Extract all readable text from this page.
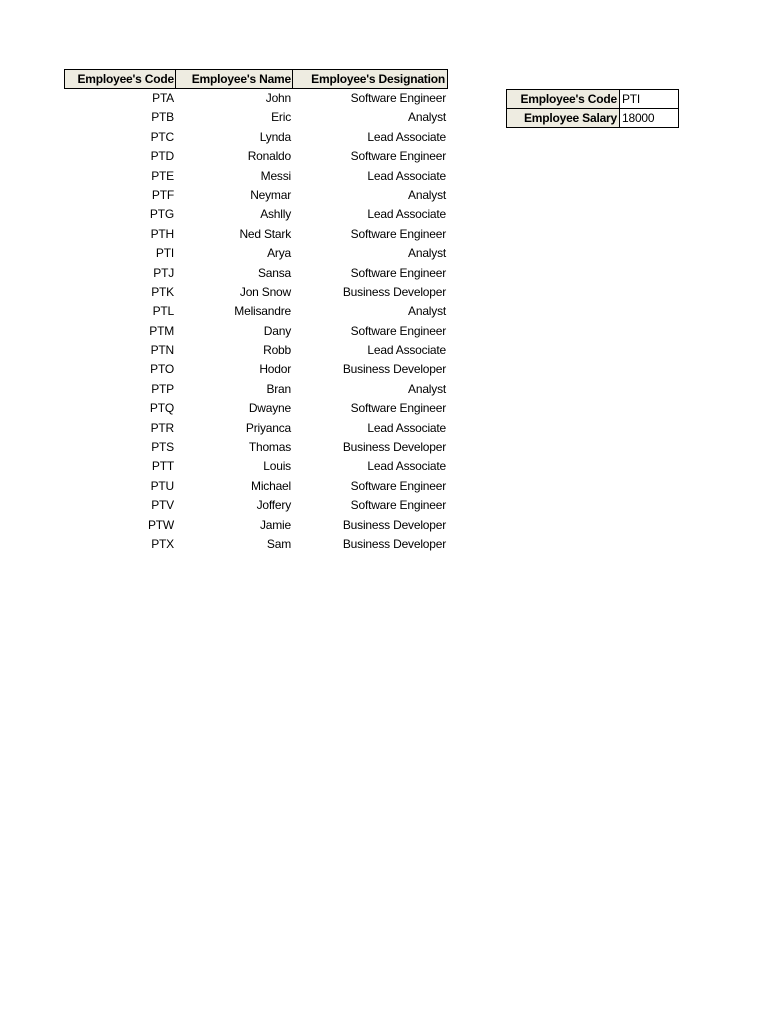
Employee's Code	Employee's Name	Employee's Designation
PTA	John	Software Engineer
PTB	Eric	Analyst
PTC	Lynda	Lead Associate
PTD	Ronaldo	Software Engineer
PTE	Messi	Lead Associate
PTF	Neymar	Analyst
PTG	Ashlly	Lead Associate
PTH	Ned Stark	Software Engineer
PTI	Arya	Analyst
PTJ	Sansa	Software Engineer
PTK	Jon Snow	Business Developer
PTL	Melisandre	Analyst
PTM	Dany	Software Engineer
PTN	Robb	Lead Associate
PTO	Hodor	Business Developer
PTP	Bran	Analyst
PTQ	Dwayne	Software Engineer
PTR	Priyanca	Lead Associate
PTS	Thomas	Business Developer
PTT	Louis	Lead Associate
PTU	Michael	Software Engineer
PTV	Joffery	Software Engineer
PTW	Jamie	Business Developer
PTX	Sam	Business Developer
Employee's Code PTI
Employee Salary 18000
